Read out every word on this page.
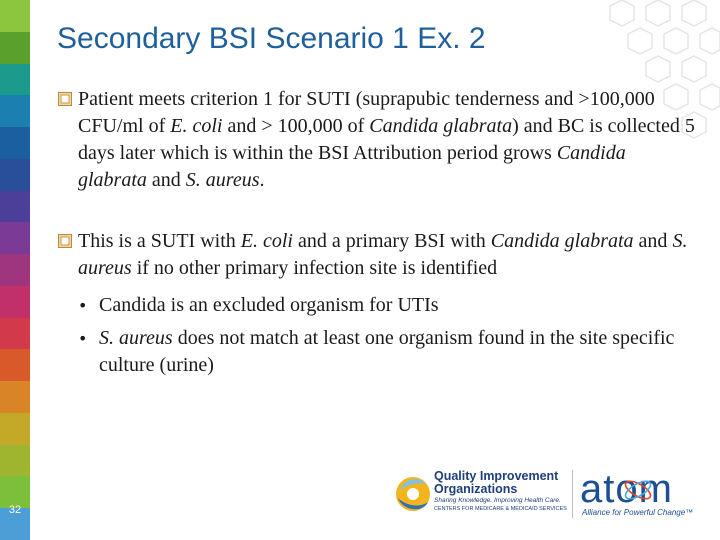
32
Secondary BSI Scenario 1 Ex. 2
Patient meets criterion 1 for SUTI (suprapubic tenderness and >100,000 CFU/ml of E. coli and > 100,000 of Candida glabrata) and BC is collected 5 days later which is within the BSI Attribution period grows Candida glabrata and S. aureus.
This is a SUTI with E. coli and a primary BSI with Candida glabrata and S. aureus if no other primary infection site is identified
• Candida is an excluded organism for UTIs
• S. aureus does not match at least one organism found in the site specific culture (urine)
Quality Improvement
Organizations
Sharing Knowledge. Improving Health Care.
CENTERS FOR MEDICARE & MEDICAID SERVICES atom
Alliance for Powerful Change™
